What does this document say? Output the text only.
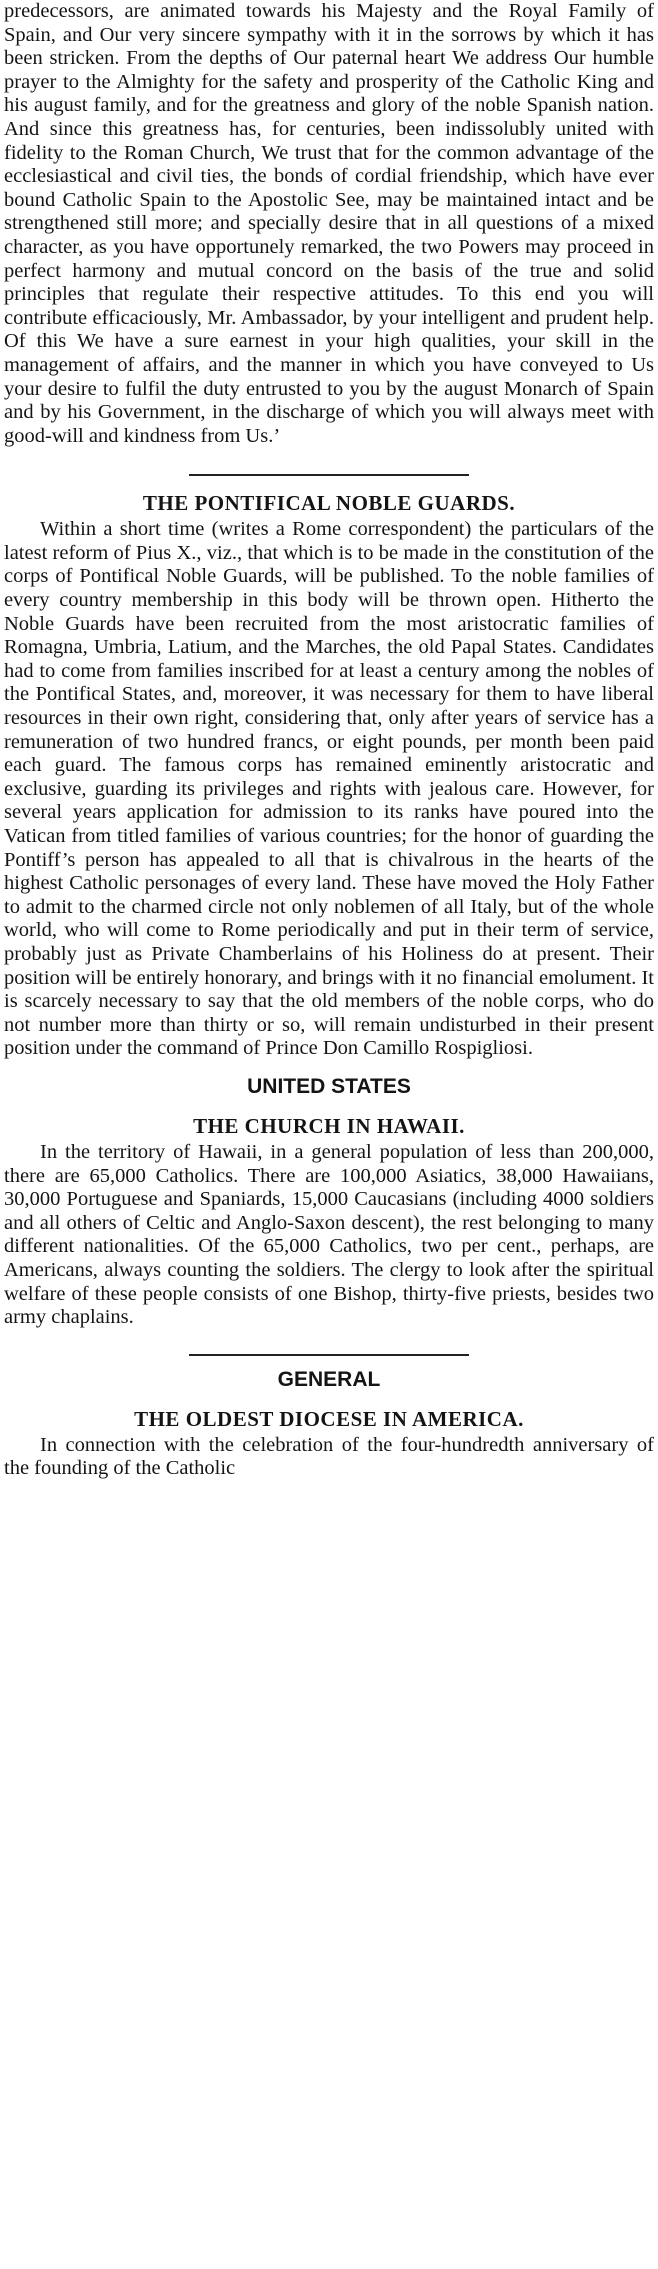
predecessors, are animated towards his Majesty and the Royal Family of Spain, and Our very sincere sympathy with it in the sorrows by which it has been stricken. From the depths of Our paternal heart We address Our humble prayer to the Almighty for the safety and prosperity of the Catholic King and his august family, and for the greatness and glory of the noble Spanish nation. And since this greatness has, for centuries, been indissolubly united with fidelity to the Roman Church, We trust that for the common advantage of the ecclesiastical and civil ties, the bonds of cordial friendship, which have ever bound Catholic Spain to the Apostolic See, may be maintained intact and be strengthened still more; and specially desire that in all questions of a mixed character, as you have opportunely remarked, the two Powers may proceed in perfect harmony and mutual concord on the basis of the true and solid principles that regulate their respective attitudes. To this end you will contribute efficaciously, Mr. Ambassador, by your intelligent and prudent help. Of this We have a sure earnest in your high qualities, your skill in the management of affairs, and the manner in which you have conveyed to Us your desire to fulfil the duty entrusted to you by the august Monarch of Spain and by his Government, in the discharge of which you will always meet with good-will and kindness from Us.’

THE PONTIFICAL NOBLE GUARDS.

Within a short time (writes a Rome correspondent) the particulars of the latest reform of Pius X., viz., that which is to be made in the constitution of the corps of Pontifical Noble Guards, will be published. To the noble families of every country membership in this body will be thrown open. Hitherto the Noble Guards have been recruited from the most aristocratic families of Romagna, Umbria, Latium, and the Marches, the old Papal States. Candidates had to come from families inscribed for at least a century among the nobles of the Pontifical States, and, moreover, it was necessary for them to have liberal resources in their own right, considering that, only after years of service has a remuneration of two hundred francs, or eight pounds, per month been paid each guard. The famous corps has remained eminently aristocratic and exclusive, guarding its privileges and rights with jealous care. However, for several years application for admission to its ranks have poured into the Vatican from titled families of various countries; for the honor of guarding the Pontiff’s person has appealed to all that is chivalrous in the hearts of the highest Catholic personages of every land. These have moved the Holy Father to admit to the charmed circle not only noblemen of all Italy, but of the whole world, who will come to Rome periodically and put in their term of service, probably just as Private Chamberlains of his Holiness do at present. Their position will be entirely honorary, and brings with it no financial emolument. It is scarcely necessary to say that the old members of the noble corps, who do not number more than thirty or so, will remain undisturbed in their present position under the command of Prince Don Camillo Rospigliosi.

UNITED STATES
THE CHURCH IN HAWAII.

In the territory of Hawaii, in a general population of less than 200,000, there are 65,000 Catholics. There are 100,000 Asiatics, 38,000 Hawaiians, 30,000 Portuguese and Spaniards, 15,000 Caucasians (including 4000 soldiers and all others of Celtic and Anglo-Saxon descent), the rest belonging to many different nationalities. Of the 65,000 Catholics, two per cent., perhaps, are Americans, always counting the soldiers. The clergy to look after the spiritual welfare of these people consists of one Bishop, thirty-five priests, besides two army chaplains.

GENERAL
THE OLDEST DIOCESE IN AMERICA.

In connection with the celebration of the four-hundredth anniversary of the founding of the Catholic
